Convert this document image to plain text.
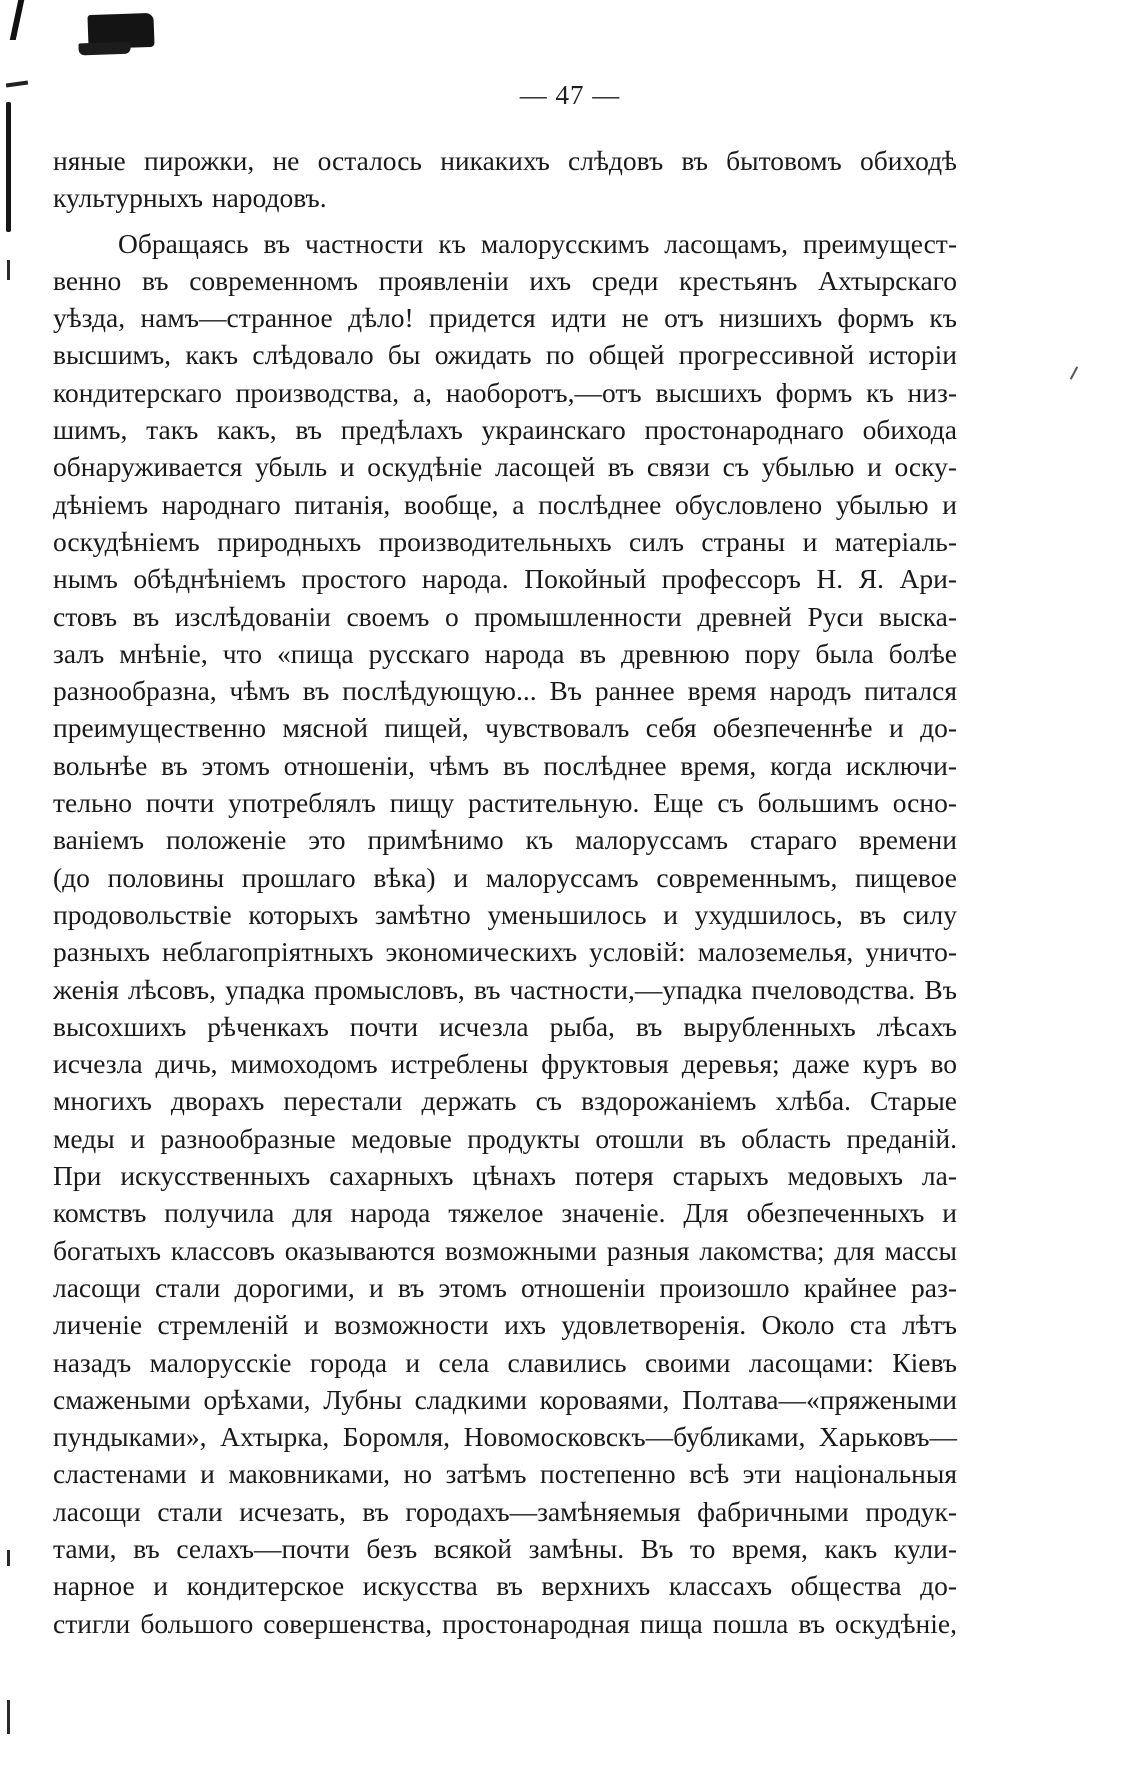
— 47 —
няные пирожки, не осталось никакихъ слѣдовъ въ бытовомъ обиходѣ
культурныхъ народовъ.
Обращаясь въ частности къ малорусскимъ ласощамъ, преимущест-
венно въ современномъ проявленіи ихъ среди крестьянъ Ахтырскаго
уѣзда, намъ—странное дѣло! придется идти не отъ низшихъ формъ къ
высшимъ, какъ слѣдовало бы ожидать по общей прогрессивной исторіи
кондитерскаго производства, а, наоборотъ,—отъ высшихъ формъ къ низ-
шимъ, такъ какъ, въ предѣлахъ украинскаго простонароднаго обихода
обнаруживается убыль и оскудѣніе ласощей въ связи съ убылью и оску-
дѣніемъ народнаго питанія, вообще, а послѣднее обусловлено убылью и
оскудѣніемъ природныхъ производительныхъ силъ страны и матеріаль-
нымъ обѣднѣніемъ простого народа. Покойный профессоръ Н. Я. Ари-
стовъ въ изслѣдованіи своемъ о промышленности древней Руси выска-
залъ мнѣніе, что «пища русскаго народа въ древнюю пору была болѣе
разнообразна, чѣмъ въ послѣдующую... Въ раннее время народъ питался
преимущественно мясной пищей, чувствовалъ себя обезпеченнѣе и до-
вольнѣе въ этомъ отношеніи, чѣмъ въ послѣднее время, когда исключи-
тельно почти употреблялъ пищу растительную. Еще съ большимъ осно-
ваніемъ положеніе это примѣнимо къ малоруссамъ стараго времени
(до половины прошлаго вѣка) и малоруссамъ современнымъ, пищевое
продовольствіе которыхъ замѣтно уменьшилось и ухудшилось, въ силу
разныхъ неблагопріятныхъ экономическихъ условій: малоземелья, уничто-
женія лѣсовъ, упадка промысловъ, въ частности,—упадка пчеловодства. Въ
высохшихъ рѣченкахъ почти исчезла рыба, въ вырубленныхъ лѣсахъ
исчезла дичь, мимоходомъ истреблены фруктовыя деревья; даже куръ во
многихъ дворахъ перестали держать съ вздорожаніемъ хлѣба. Старые
меды и разнообразные медовые продукты отошли въ область преданій.
При искусственныхъ сахарныхъ цѣнахъ потеря старыхъ медовыхъ ла-
комствъ получила для народа тяжелое значеніе. Для обезпеченныхъ и
богатыхъ классовъ оказываются возможными разныя лакомства; для массы
ласощи стали дорогими, и въ этомъ отношеніи произошло крайнее раз-
личеніе стремленій и возможности ихъ удовлетворенія. Около ста лѣтъ
назадъ малорусскіе города и села славились своими ласощами: Кіевъ
смажеными орѣхами, Лубны сладкими короваями, Полтава—«пряжеными
пундыками», Ахтырка, Боромля, Новомосковскъ—бубликами, Харьковъ—
сластенами и маковниками, но затѣмъ постепенно всѣ эти національныя
ласощи стали исчезать, въ городахъ—замѣняемыя фабричными продук-
тами, въ селахъ—почти безъ всякой замѣны. Въ то время, какъ кули-
нарное и кондитерское искусства въ верхнихъ классахъ общества до-
стигли большого совершенства, простонародная пища пошла въ оскудѣніе,
